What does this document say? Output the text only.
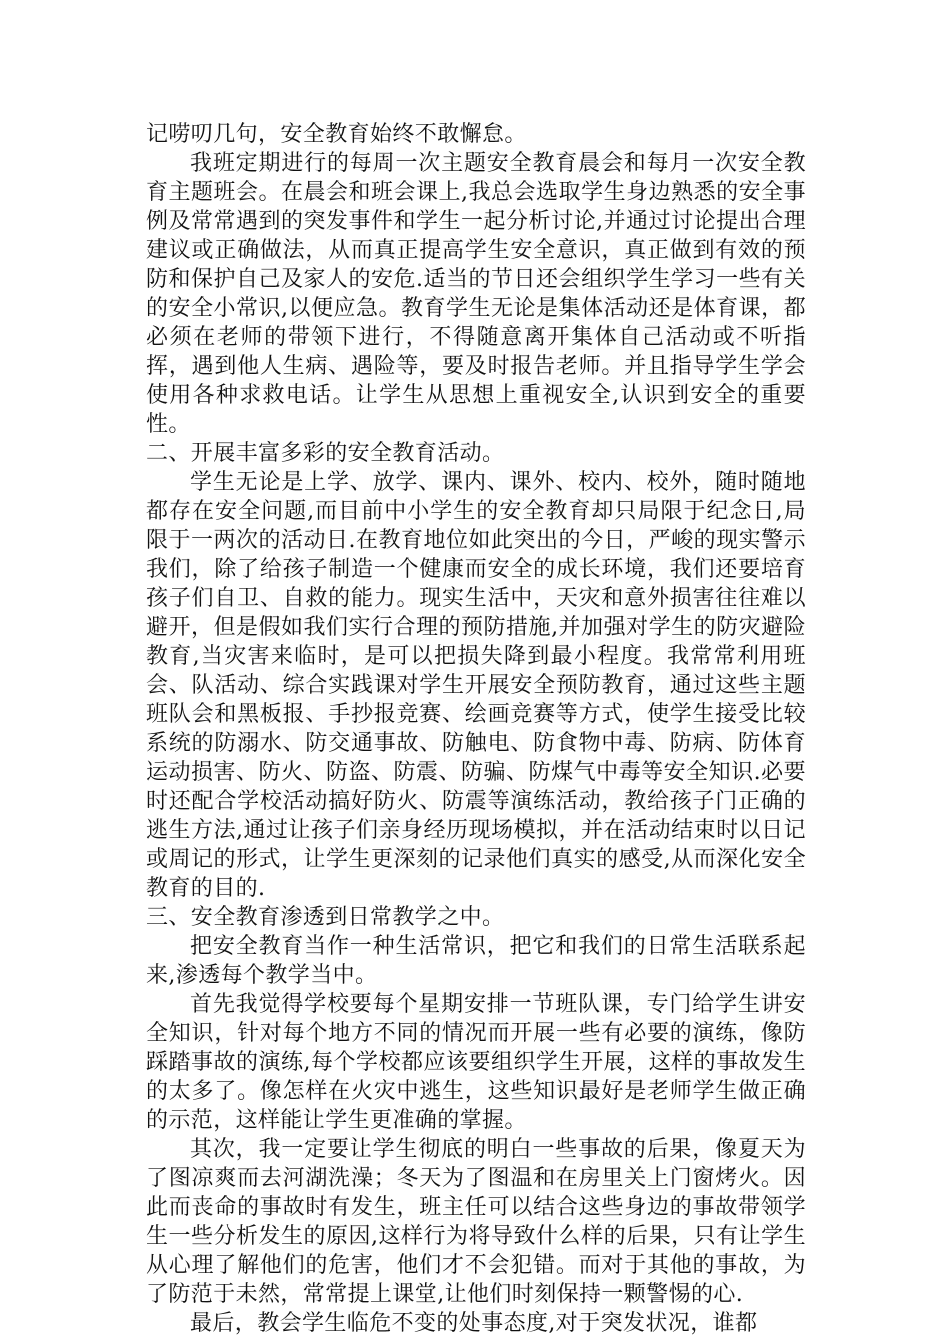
记唠叨几句，安全教育始终不敢懈怠。

我班定期进行的每周一次主题安全教育晨会和每月一次安全教育主题班会。在晨会和班会课上,我总会选取学生身边熟悉的安全事例及常常遇到的突发事件和学生一起分析讨论,并通过讨论提出合理建议或正确做法，从而真正提高学生安全意识，真正做到有效的预防和保护自己及家人的安危.适当的节日还会组织学生学习一些有关的安全小常识,以便应急。教育学生无论是集体活动还是体育课，都必须在老师的带领下进行，不得随意离开集体自己活动或不听指挥，遇到他人生病、遇险等，要及时报告老师。并且指导学生学会使用各种求救电话。让学生从思想上重视安全,认识到安全的重要性。

二、开展丰富多彩的安全教育活动。

学生无论是上学、放学、课内、课外、校内、校外，随时随地都存在安全问题,而目前中小学生的安全教育却只局限于纪念日,局限于一两次的活动日.在教育地位如此突出的今日，严峻的现实警示我们，除了给孩子制造一个健康而安全的成长环境，我们还要培育孩子们自卫、自救的能力。现实生活中，天灾和意外损害往往难以避开，但是假如我们实行合理的预防措施,并加强对学生的防灾避险教育,当灾害来临时，是可以把损失降到最小程度。我常常利用班会、队活动、综合实践课对学生开展安全预防教育，通过这些主题班队会和黑板报、手抄报竞赛、绘画竞赛等方式，使学生接受比较系统的防溺水、防交通事故、防触电、防食物中毒、防病、防体育运动损害、防火、防盗、防震、防骗、防煤气中毒等安全知识.必要时还配合学校活动搞好防火、防震等演练活动，教给孩子门正确的逃生方法,通过让孩子们亲身经历现场模拟，并在活动结束时以日记或周记的形式，让学生更深刻的记录他们真实的感受,从而深化安全教育的目的.

三、安全教育渗透到日常教学之中。

把安全教育当作一种生活常识，把它和我们的日常生活联系起来,渗透每个教学当中。

首先我觉得学校要每个星期安排一节班队课，专门给学生讲安全知识，针对每个地方不同的情况而开展一些有必要的演练，像防踩踏事故的演练,每个学校都应该要组织学生开展，这样的事故发生的太多了。像怎样在火灾中逃生，这些知识最好是老师学生做正确的示范，这样能让学生更准确的掌握。

其次，我一定要让学生彻底的明白一些事故的后果，像夏天为了图凉爽而去河湖洗澡；冬天为了图温和在房里关上门窗烤火。因此而丧命的事故时有发生，班主任可以结合这些身边的事故带领学生一些分析发生的原因,这样行为将导致什么样的后果，只有让学生从心理了解他们的危害，他们才不会犯错。而对于其他的事故，为了防范于未然，常常提上课堂,让他们时刻保持一颗警惕的心.

最后，教会学生临危不变的处事态度,对于突发状况，谁都
